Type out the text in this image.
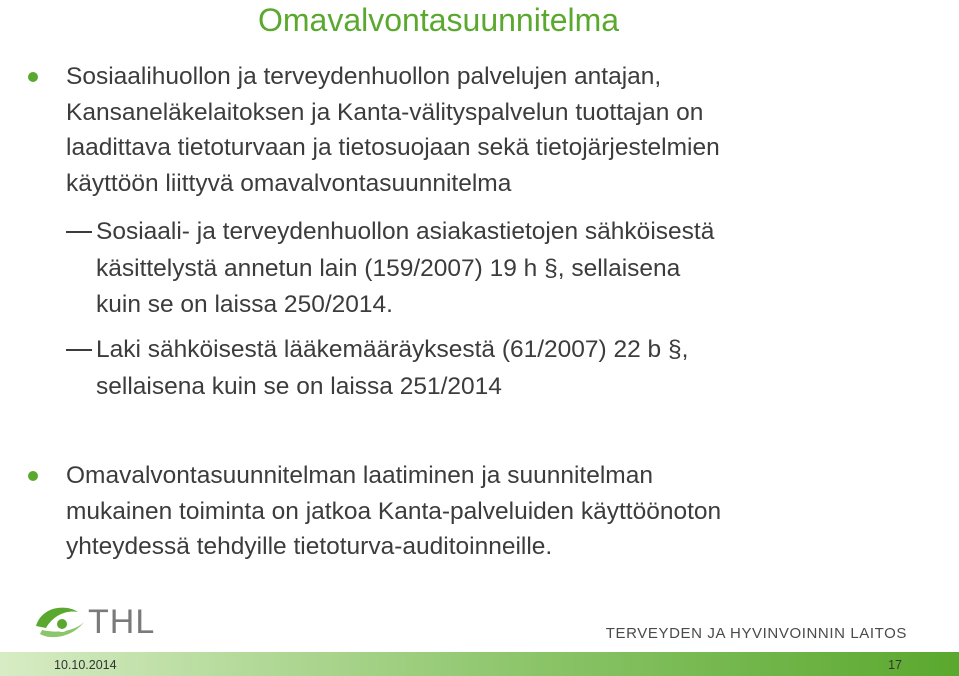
Omavalvontasuunnitelma
Sosiaalihuollon ja terveydenhuollon palvelujen antajan,
Kansaneläkelaitoksen ja Kanta-välityspalvelun tuottajan on
laadittava tietoturvaan ja tietosuojaan sekä tietojärjestelmien
käyttöön liittyvä omavalvontasuunnitelma
Sosiaali- ja terveydenhuollon asiakastietojen sähköisestä
käsittelystä annetun lain (159/2007) 19 h §, sellaisena
kuin se on laissa 250/2014.
Laki sähköisestä lääkemääräyksestä (61/2007) 22 b §,
sellaisena kuin se on laissa 251/2014
Omavalvontasuunnitelman laatiminen ja suunnitelman
mukainen toiminta on jatkoa Kanta-palveluiden käyttöönoton
yhteydessä tehdyille tietoturva-auditoinneille.
THL	TERVEYDEN JA HYVINVOINNIN LAITOS
10.10.2014	17
